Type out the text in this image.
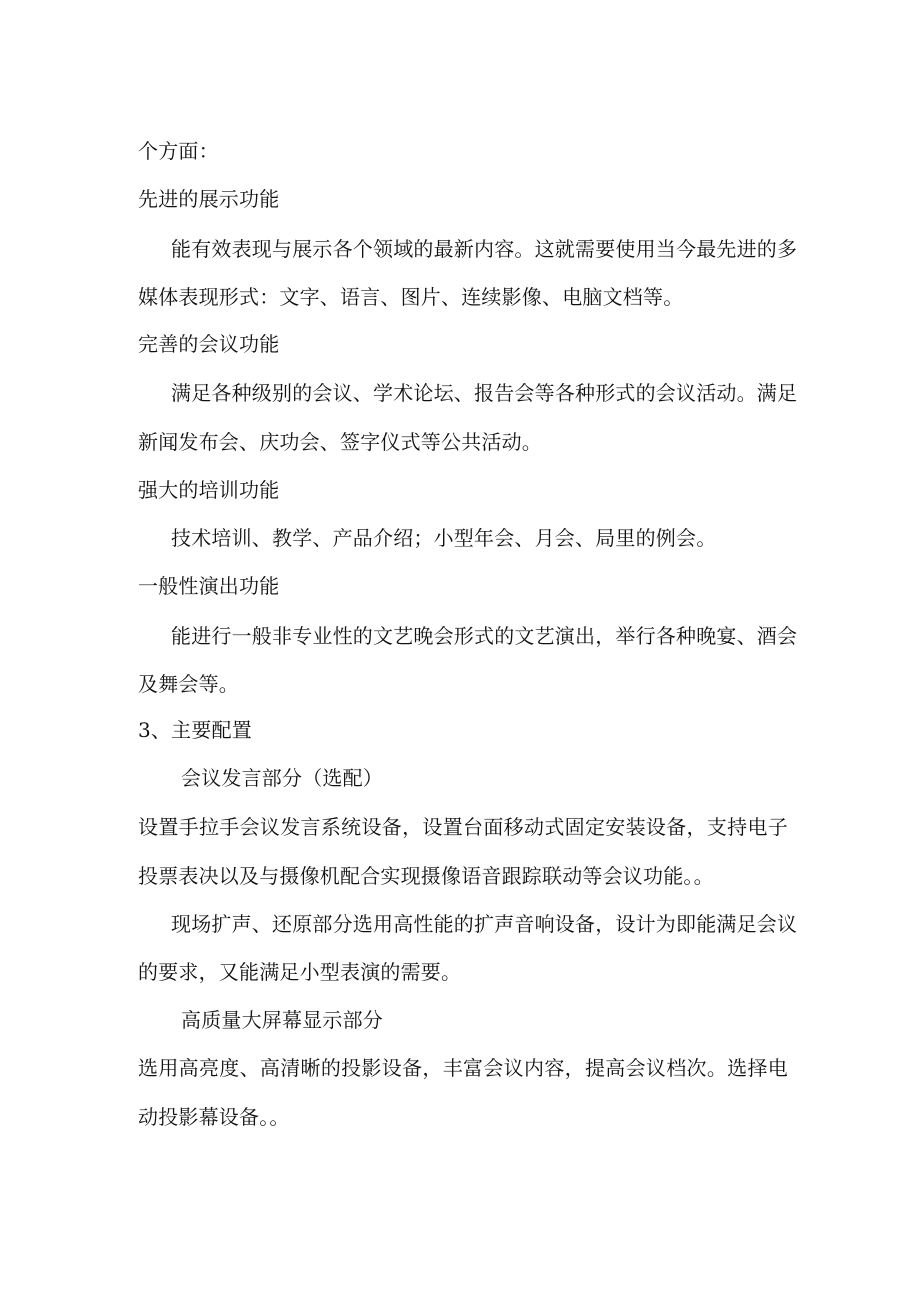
个方面：
先进的展示功能
能有效表现与展示各个领域的最新内容。这就需要使用当今最先进的多
媒体表现形式：文字、语言、图片、连续影像、电脑文档等。
完善的会议功能
满足各种级别的会议、学术论坛、报告会等各种形式的会议活动。满足
新闻发布会、庆功会、签字仪式等公共活动。
强大的培训功能
技术培训、教学、产品介绍；小型年会、月会、局里的例会。
一般性演出功能
能进行一般非专业性的文艺晚会形式的文艺演出，举行各种晚宴、酒会
及舞会等。
3、主要配置
会议发言部分（选配）
设置手拉手会议发言系统设备，设置台面移动式固定安装设备，支持电子
投票表决以及与摄像机配合实现摄像语音跟踪联动等会议功能。。
现场扩声、还原部分选用高性能的扩声音响设备，设计为即能满足会议
的要求，又能满足小型表演的需要。
高质量大屏幕显示部分
选用高亮度、高清晰的投影设备，丰富会议内容，提高会议档次。选择电
动投影幕设备。。
